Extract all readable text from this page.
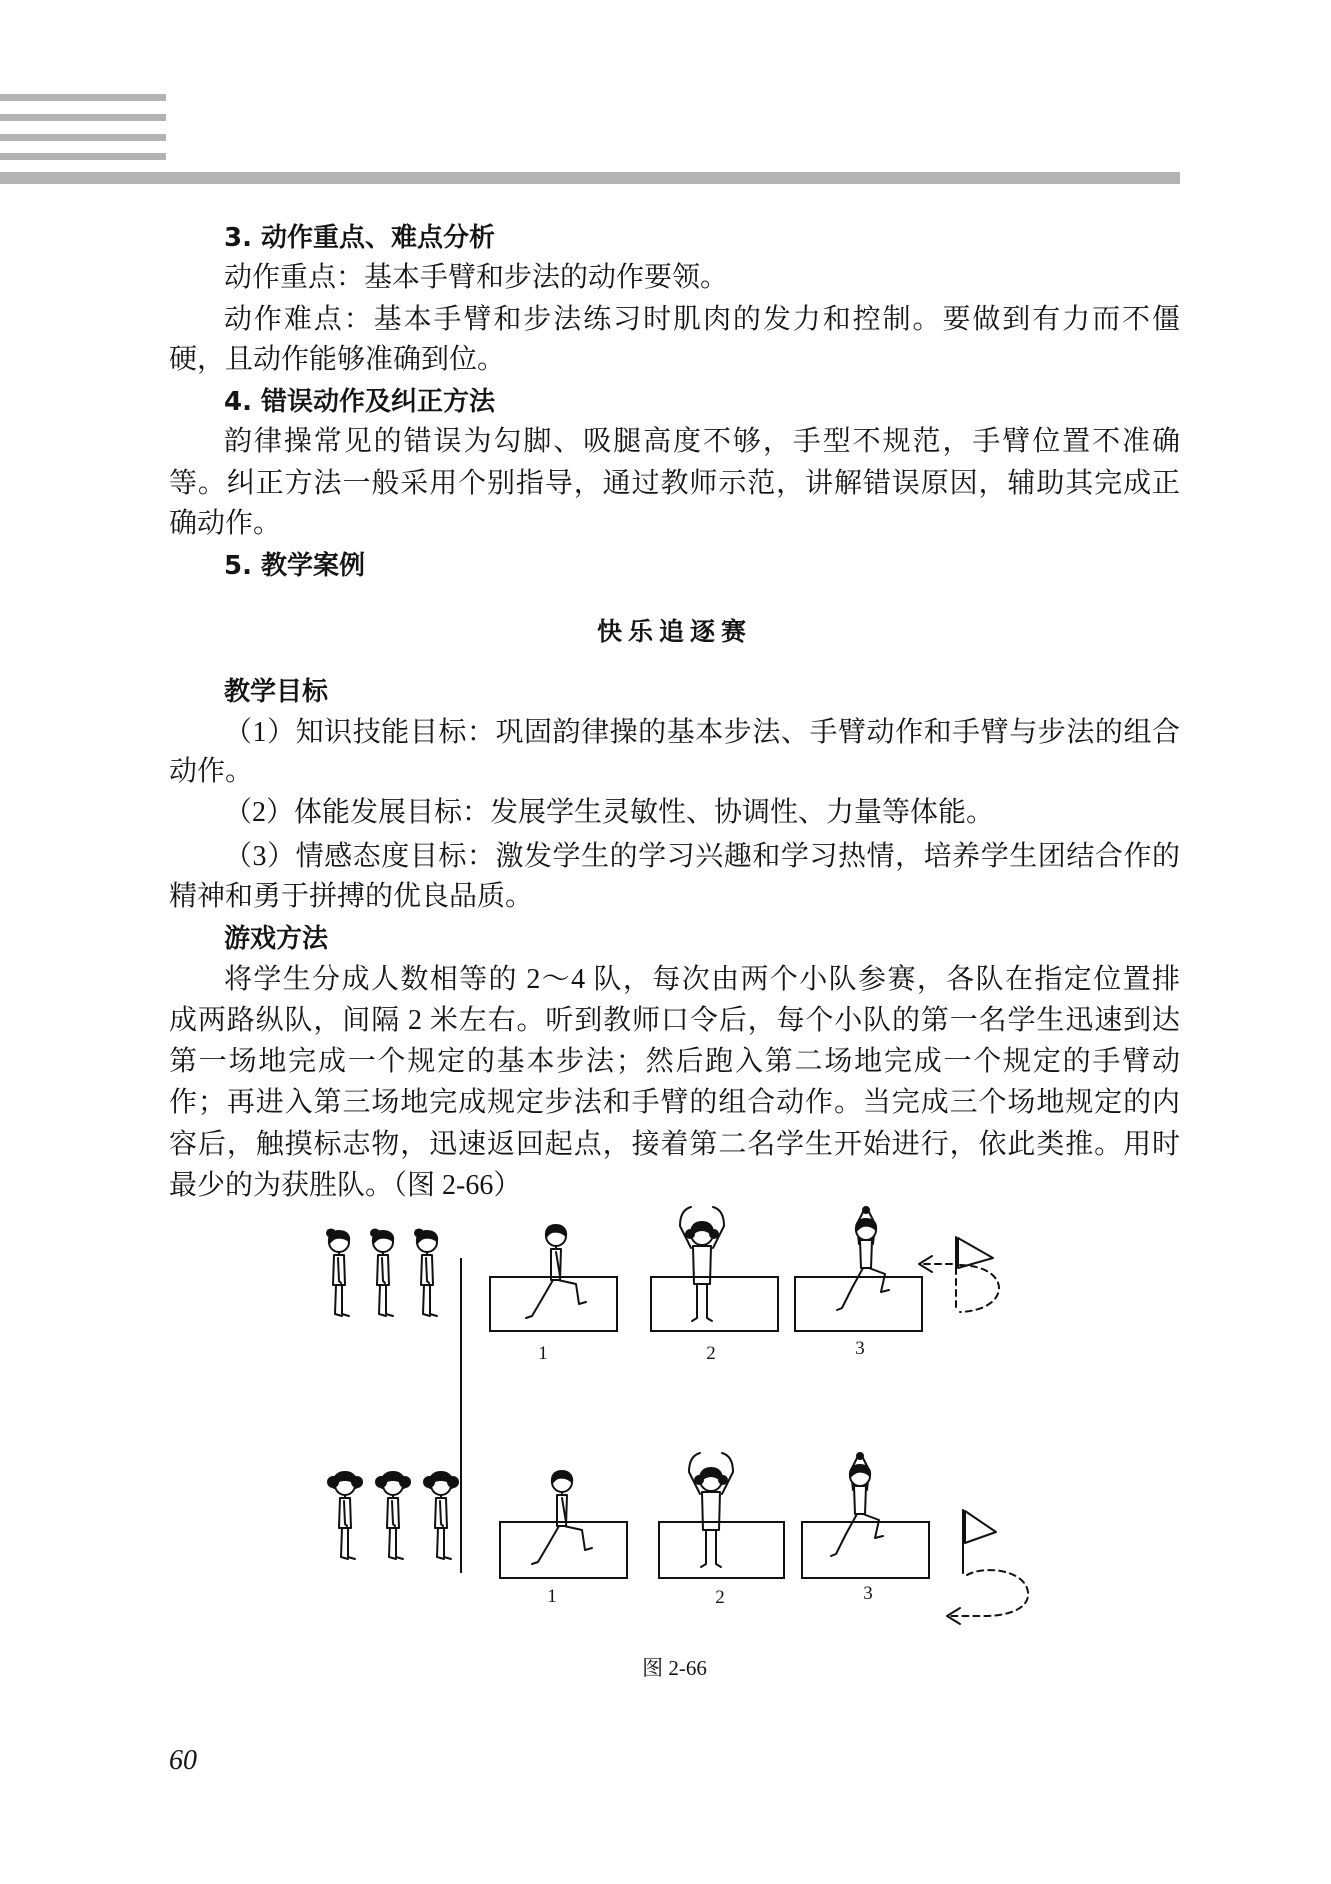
3. 动作重点、难点分析
动作重点：基本手臂和步法的动作要领。
动作难点：基本手臂和步法练习时肌肉的发力和控制。要做到有力而不僵
硬，且动作能够准确到位。
4. 错误动作及纠正方法
韵律操常见的错误为勾脚、吸腿高度不够，手型不规范，手臂位置不准确
等。纠正方法一般采用个别指导，通过教师示范，讲解错误原因，辅助其完成正
确动作。
5. 教学案例
快乐追逐赛
教学目标
（1）知识技能目标：巩固韵律操的基本步法、手臂动作和手臂与步法的组合
动作。
（2）体能发展目标：发展学生灵敏性、协调性、力量等体能。
（3）情感态度目标：激发学生的学习兴趣和学习热情，培养学生团结合作的
精神和勇于拼搏的优良品质。
游戏方法
将学生分成人数相等的 2～4 队，每次由两个小队参赛，各队在指定位置排
成两路纵队，间隔 2 米左右。听到教师口令后，每个小队的第一名学生迅速到达
第一场地完成一个规定的基本步法；然后跑入第二场地完成一个规定的手臂动
作；再进入第三场地完成规定步法和手臂的组合动作。当完成三个场地规定的内
容后，触摸标志物，迅速返回起点，接着第二名学生开始进行，依此类推。用时
最少的为获胜队。（图 2-66）
1	2	3
1	2	3
图 2-66
60
